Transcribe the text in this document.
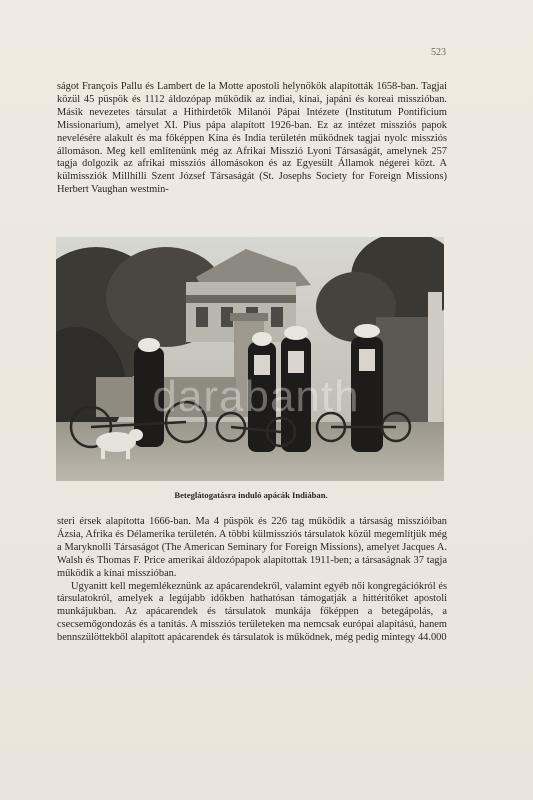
523

ságot François Pallu és Lambert de la Motte apostoli helynökök alapították 1658-ban. Tagjai közül 45 püspök és 1112 áldozópap működik az indiai, kínai, japáni és koreai misszióban. Másik nevezetes társulat a Hithirdetők Milanói Pápai Intézete (Institutum Pontificium Missionarium), amelyet XI. Pius pápa alapított 1926-ban. Ez az intézet missziós papok nevelésére alakult és ma főképpen Kína és India területén működnek tagjai nyolc missziós állomáson. Meg kell említenünk még az Afrikai Misszió Lyoni Társaságát, amelynek 257 tagja dolgozik az afrikai missziós állomásokon és az Egyesült Államok négerei közt. A külmissziók Millhilli Szent József Társaságát (St. Josephs Society for Foreign Missions) Herbert Vaughan westmin-

darabanth
Beteglátogatásra induló apácák Indiában.

steri érsek alapította 1666-ban. Ma 4 püspök és 226 tag működik a társaság misszióiban Ázsia, Afrika és Délamerika területén. A többi külmissziós társulatok közül megemlítjük még a Maryknolli Társaságot (The American Seminary for Foreign Missions), amelyet Jacques A. Walsh és Thomas F. Price amerikai áldozópapok alapítottak 1911-ben; a társaságnak 37 tagja működik a kínai misszióban.

Ugyanitt kell megemlékeznünk az apácarendekről, valamint egyéb női kongregációkról és társulatokról, amelyek a legújabb időkben hathatósan támogatják a hittérítőket apostoli munkájukban. Az apácarendek és társulatok munkája főképpen a betegápolás, a csecsemőgondozás és a tanítás. A missziós területeken ma nemcsak európai alapítású, hanem bennszülöttekből alapított apácarendek és társulatok is működnek, még pedig mintegy 44.000
